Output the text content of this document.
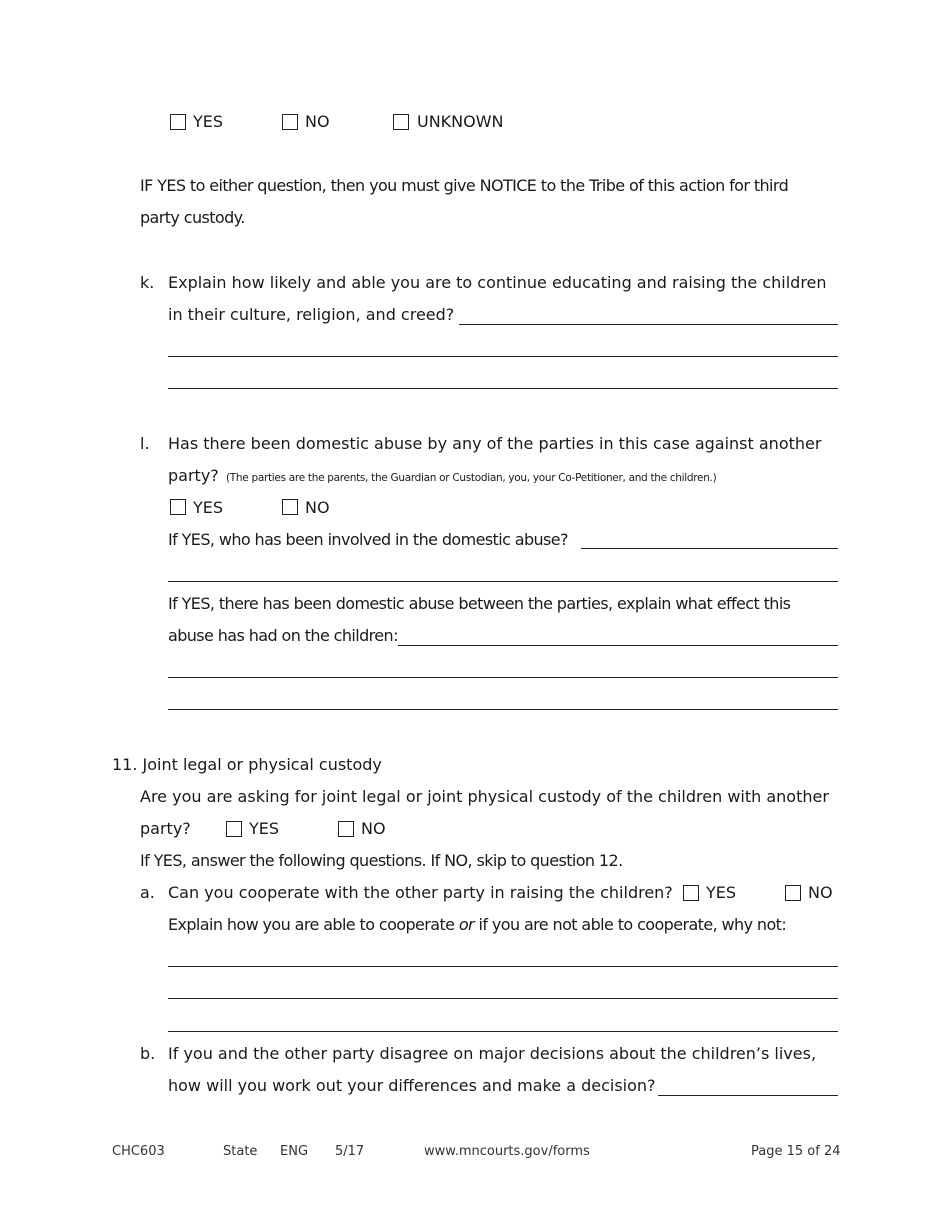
YES	NO	UNKNOWN
IF YES to either question, then you must give NOTICE to the Tribe of this action for third
party custody.
k. Explain how likely and able you are to continue educating and raising the children
in their culture, religion, and creed?
l. Has there been domestic abuse by any of the parties in this case against another
party? (The parties are the parents, the Guardian or Custodian, you, your Co-Petitioner, and the children.)
YES	NO
If YES, who has been involved in the domestic abuse?
If YES, there has been domestic abuse between the parties, explain what effect this
abuse has had on the children:
11. Joint legal or physical custody
Are you are asking for joint legal or joint physical custody of the children with another
party?	YES	NO
If YES, answer the following questions. If NO, skip to question 12.
a. Can you cooperate with the other party in raising the children? YES	NO
Explain how you are able to cooperate or if you are not able to cooperate, why not:
b. If you and the other party disagree on major decisions about the children’s lives,
how will you work out your differences and make a decision?
CHC603	State ENG 5/17	www.mncourts.gov/forms	Page 15 of 24
